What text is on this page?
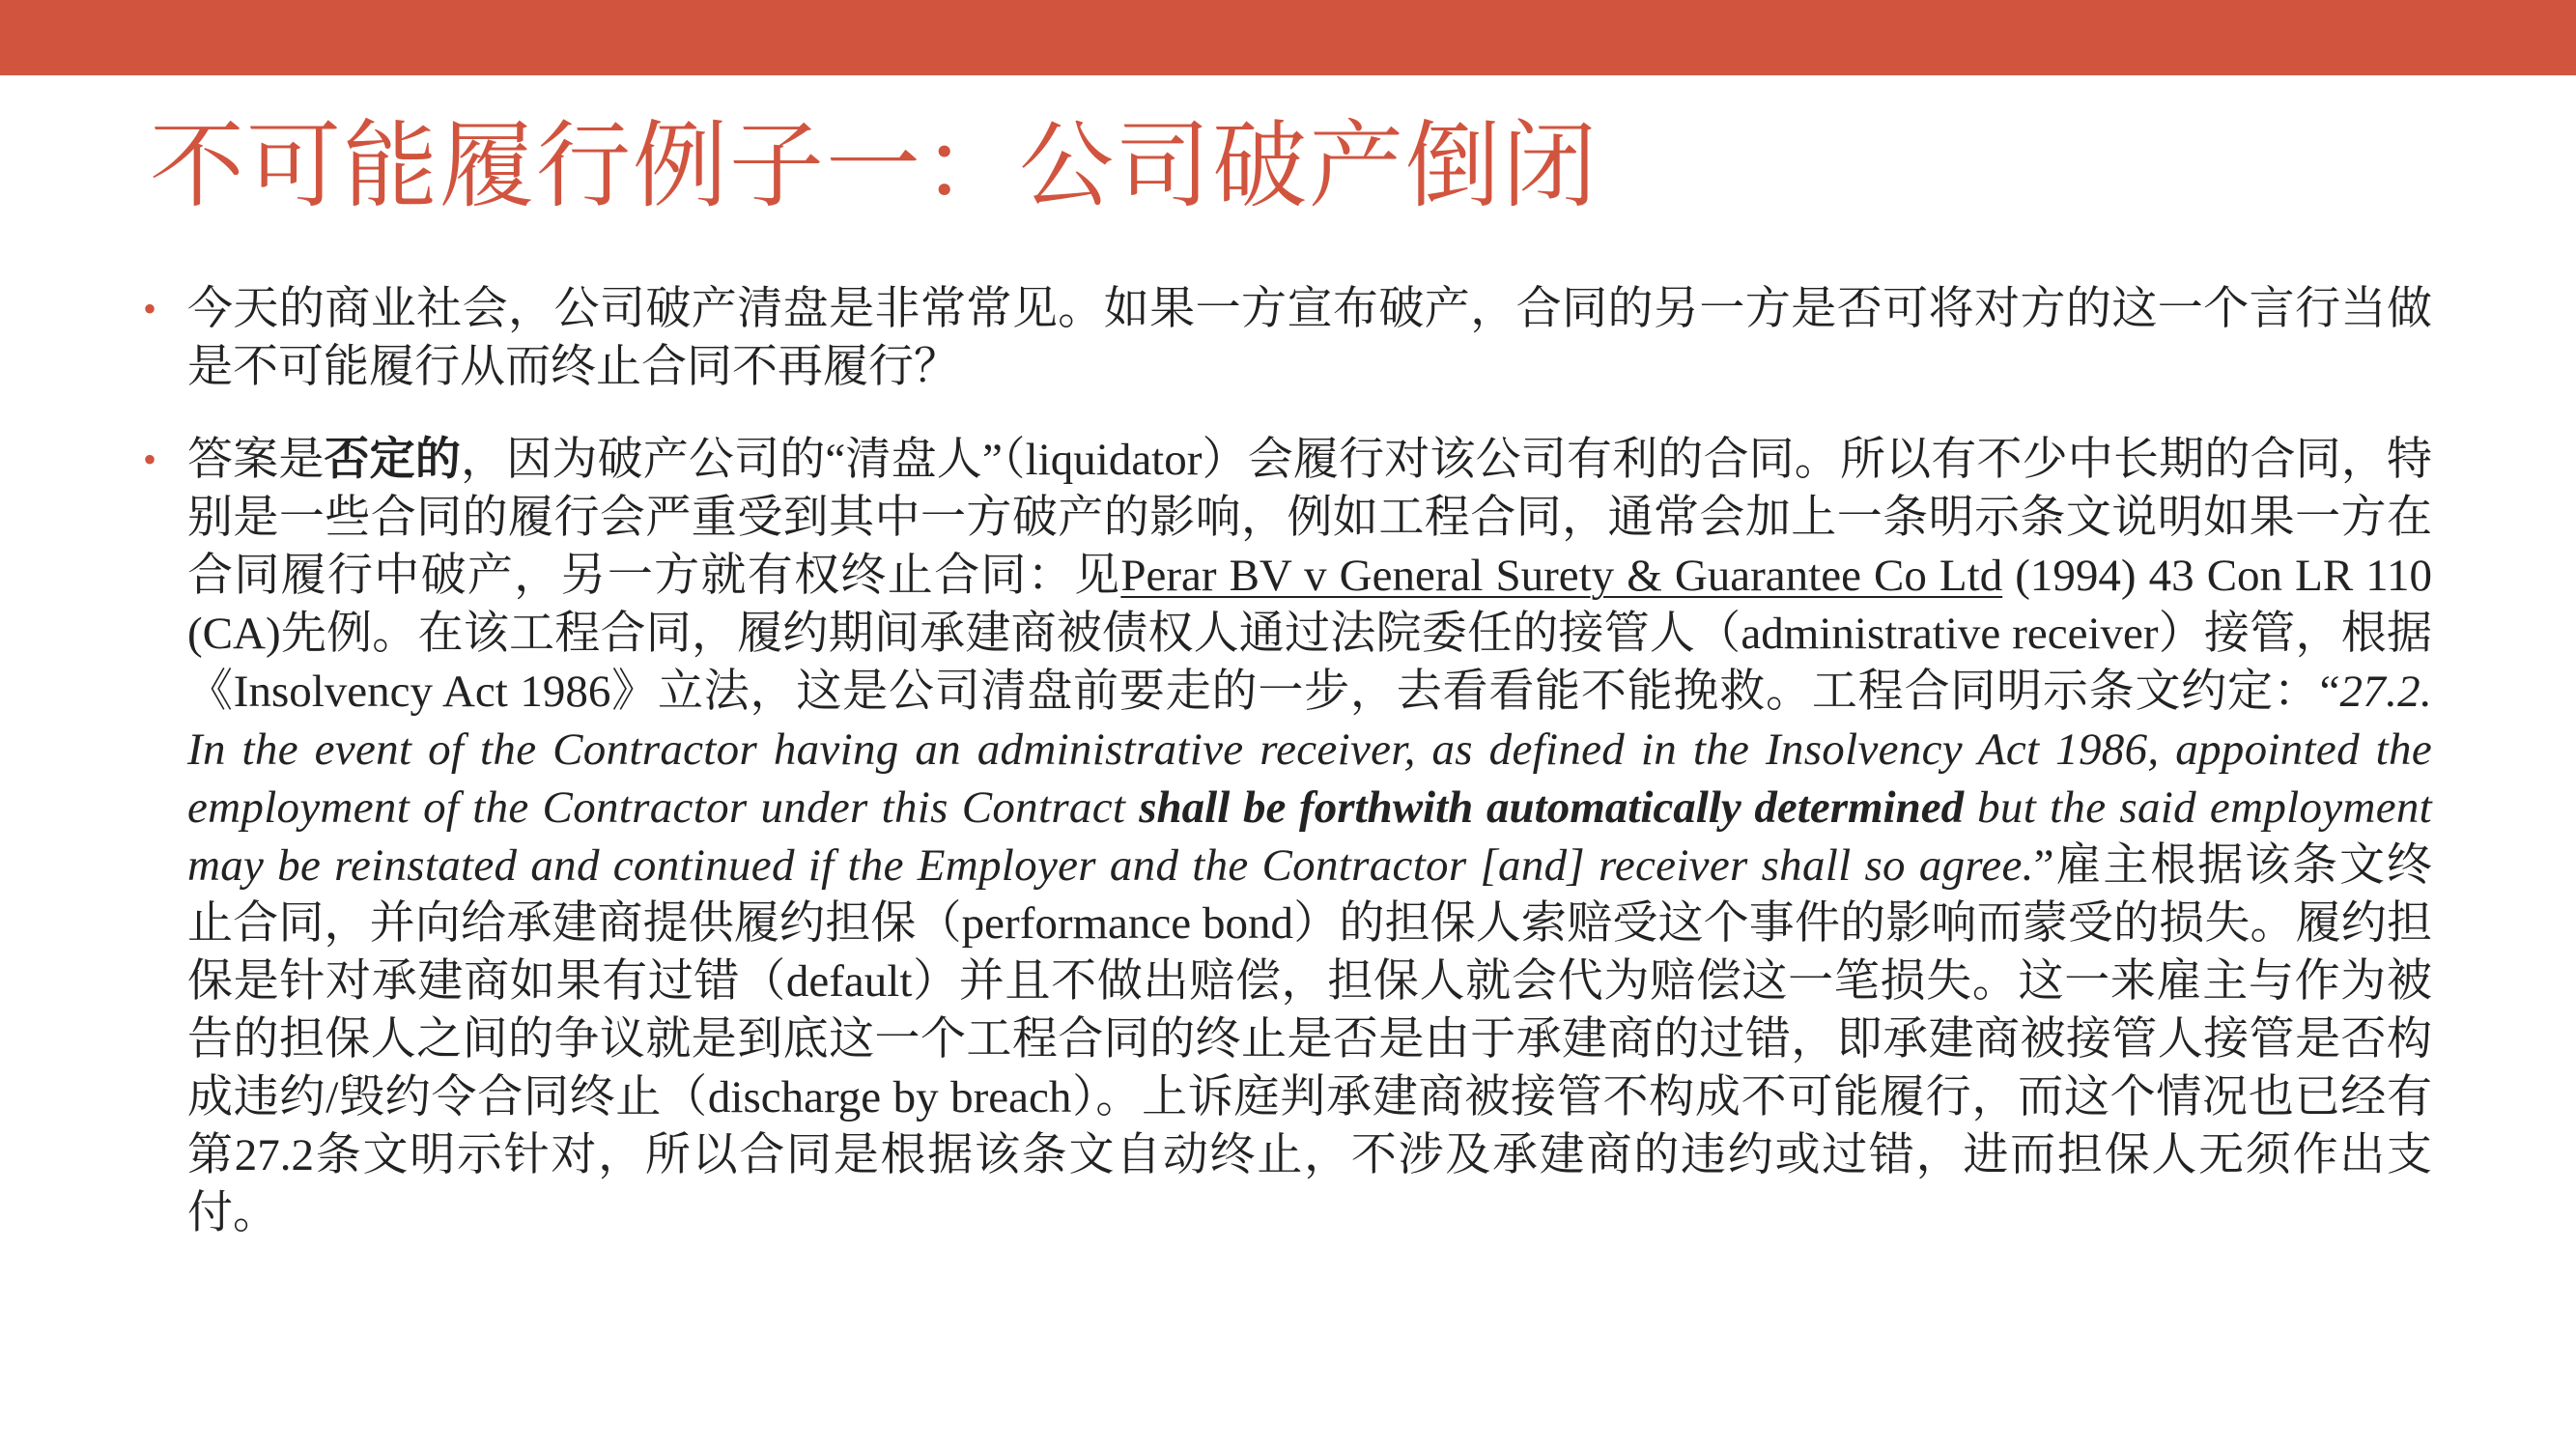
不可能履行例子一：公司破产倒闭
• 今天的商业社会，公司破产清盘是非常常见。如果一方宣布破产，合同的另一方是否可将对方的这一个言行当做是不可能履行从而终止合同不再履行？
• 答案是否定的，因为破产公司的“清盘人”（liquidator）会履行对该公司有利的合同。所以有不少中长期的合同，特别是一些合同的履行会严重受到其中一方破产的影响，例如工程合同，通常会加上一条明示条文说明如果一方在合同履行中破产，另一方就有权终止合同：见Perar BV v General Surety & Guarantee Co Ltd (1994) 43 Con LR 110 (CA)先例。在该工程合同，履约期间承建商被债权人通过法院委任的接管人（administrative receiver）接管，根据《Insolvency Act 1986》立法，这是公司清盘前要走的一步，去看看能不能挽救。工程合同明示条文约定：“27.2. In the event of the Contractor having an administrative receiver, as defined in the Insolvency Act 1986, appointed the employment of the Contractor under this Contract shall be forthwith automatically determined but the said employment may be reinstated and continued if the Employer and the Contractor [and] receiver shall so agree.”雇主根据该条文终止合同，并向给承建商提供履约担保（performance bond）的担保人索赔受这个事件的影响而蒙受的损失。履约担保是针对承建商如果有过错（default）并且不做出赔偿，担保人就会代为赔偿这一笔损失。这一来雇主与作为被告的担保人之间的争议就是到底这一个工程合同的终止是否是由于承建商的过错，即承建商被接管人接管是否构成违约/毁约令合同终止（discharge by breach）。上诉庭判承建商被接管不构成不可能履行，而这个情况也已经有第27.2条文明示针对，所以合同是根据该条文自动终止，不涉及承建商的违约或过错，进而担保人无须作出支付。
